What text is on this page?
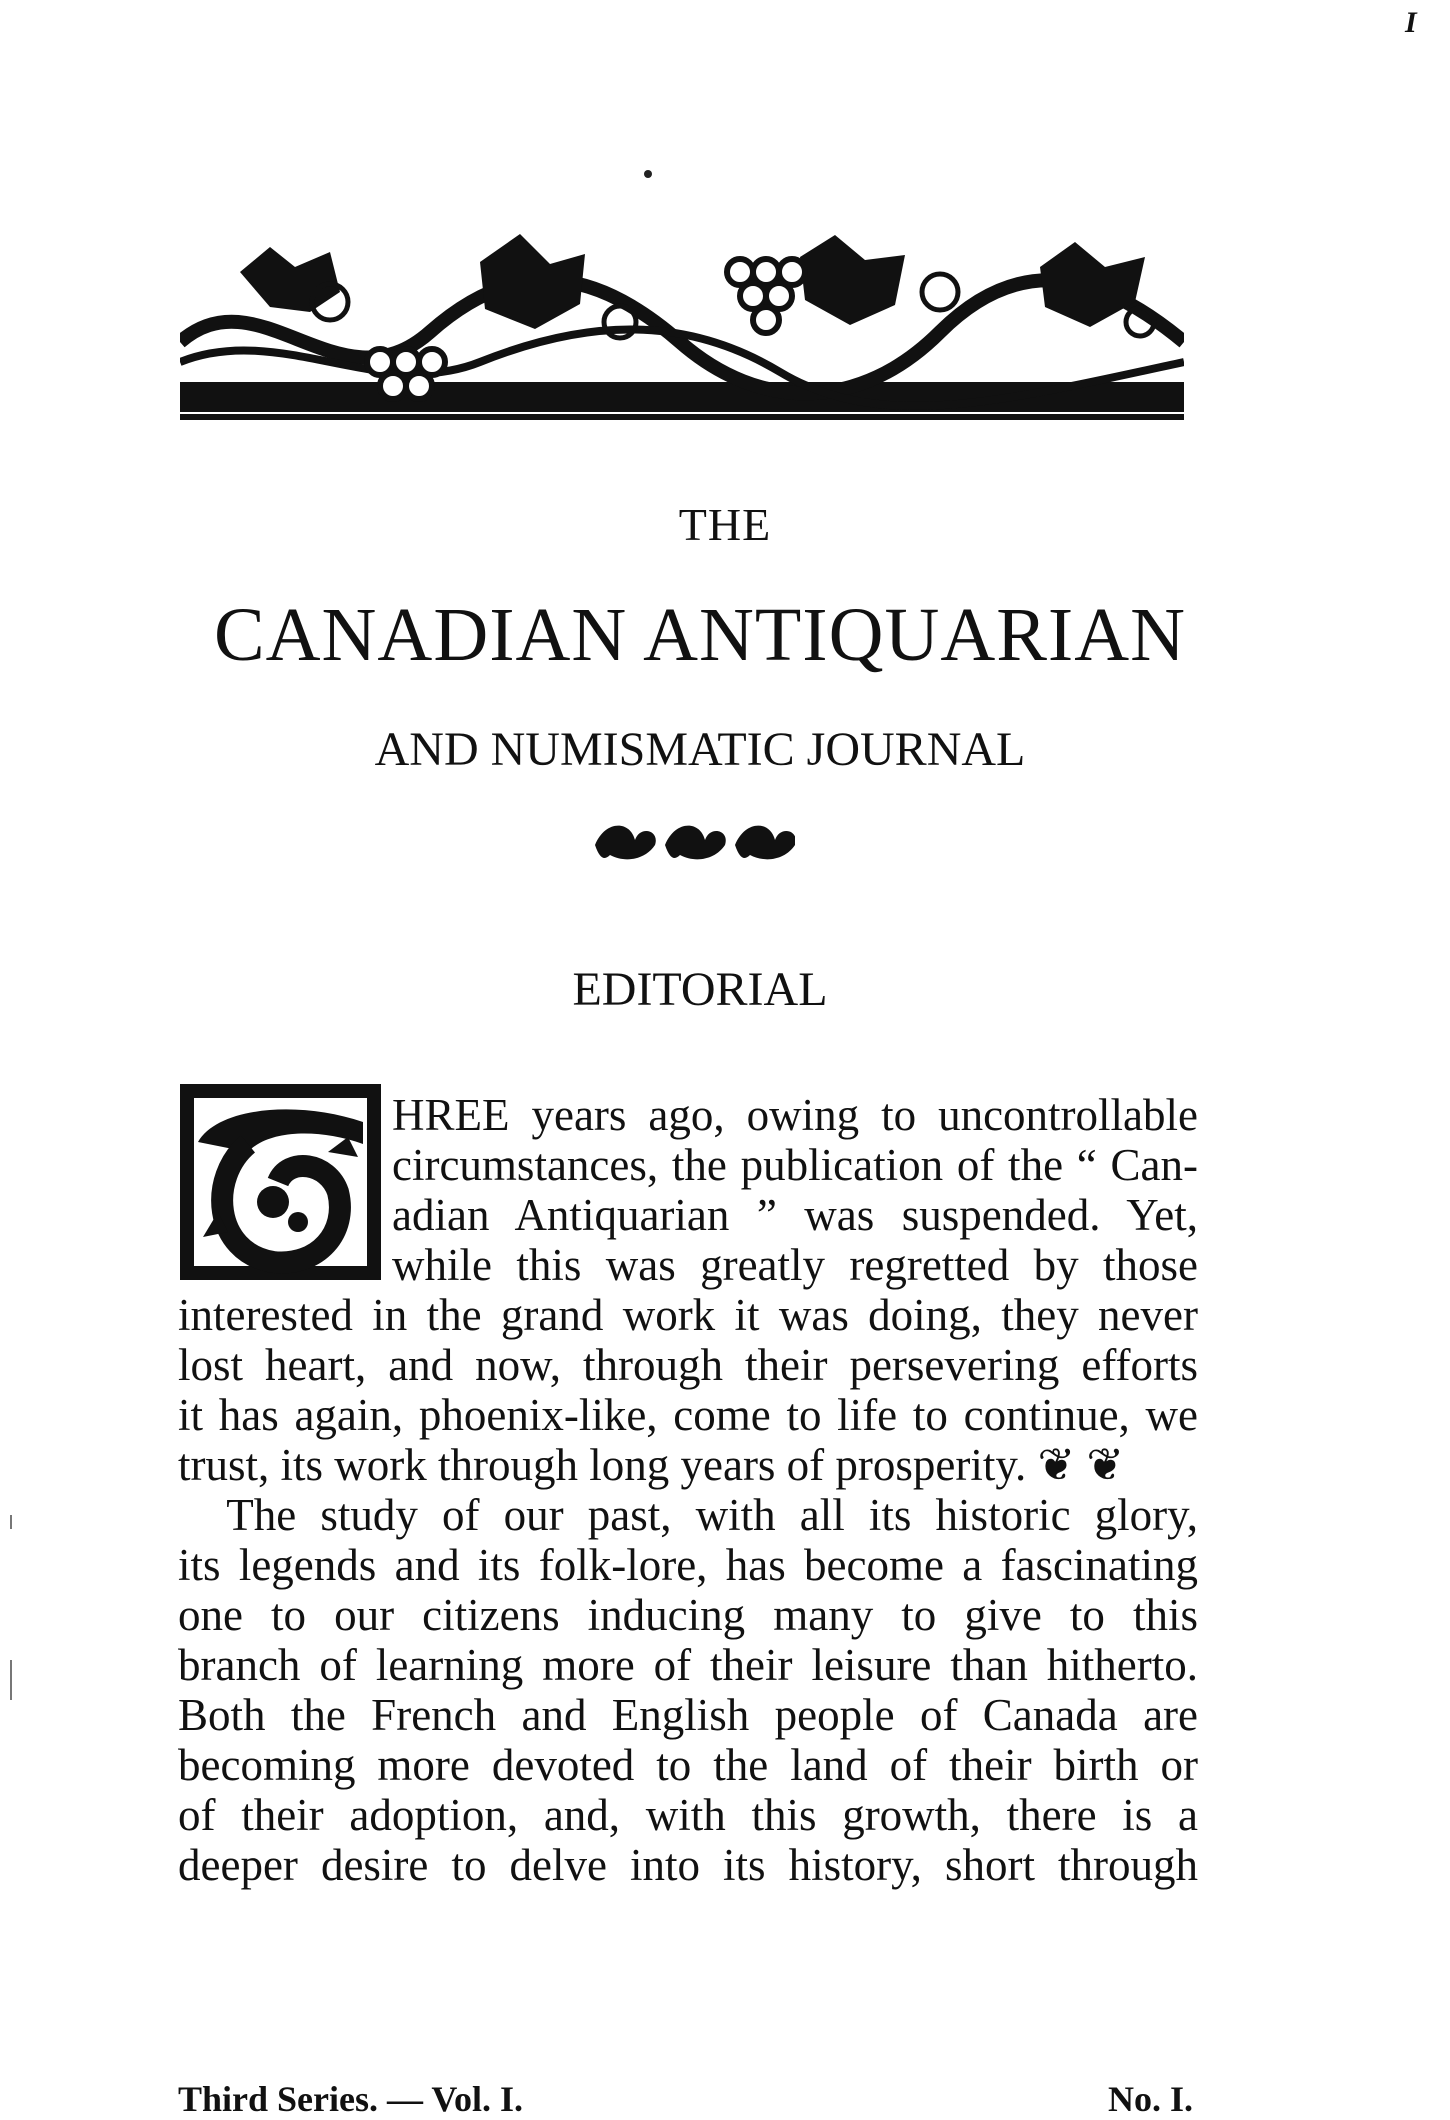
I
THE
CANADIAN ANTIQUARIAN
AND NUMISMATIC JOURNAL
EDITORIAL
HREE years ago, owing to uncontrollable
circumstances, the publication of the “ Can-
adian Antiquarian ” was suspended. Yet,
while this was greatly regretted by those
interested in the grand work it was doing, they never
lost heart, and now, through their persevering efforts
it has again, phoenix-like, come to life to continue, we
trust, its work through long years of prosperity. ❦ ❦
The study of our past, with all its historic glory,
its legends and its folk-lore, has become a fascinating
one to our citizens inducing many to give to this
branch of learning more of their leisure than hitherto.
Both the French and English people of Canada are
becoming more devoted to the land of their birth or
of their adoption, and, with this growth, there is a
deeper desire to delve into its history, short through
Third Series. — Vol. I.	No. I.
